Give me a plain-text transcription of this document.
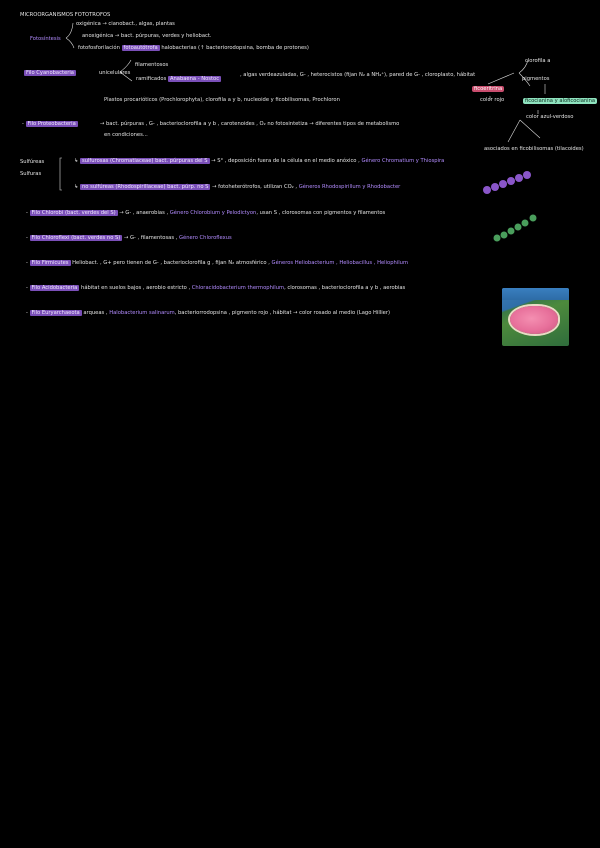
MICROORGANISMOS FOTOTROFOS
Fotosíntesis
oxigénica → cianobact., algas, plantas
anoxigénica → bact. púrpuras, verdes y heliobact.
fotofosforilación fotoautótrofa halobacterias (↑ bacteriorodopsina, bomba de protones)
Filo Cyanobacteria	unicelulares
filamentosos
ramificados Anabaena - Nostoc
, algas verdeazuladas, G- , heterocistos (fijan N₂ a NH₄⁺), pared de G- , cloroplasto, hábitat
Plastos procarióticos (Prochlorophyta), clorofila a y b, nucleoide y ficobilisomas, Prochloron
clorofila a
pigmentos
ficoeritrina
color rojo	ficocianina y aloficocianina
color azul-verdoso
asociados en ficobilisomas (tilacoides)
- Filo Proteobacteria	→ bact. púrpuras , G- , bacterioclorofila a y b , carotenoides , O₂ no fotosintetiza → diferentes tipos de metabolismo
en condiciones...
Sulfúreas
Sulfuras
↳ sulfurosas (Chromatiaceae) bact. púrpuras del S → S° , deposición fuera de la célula en el medio anóxico , Género Chromatium y Thiospira
↳ no sulfúreas (Rhodospirillaceae) bact. púrp. no S → fotoheterótrofos, utilizan CO₂ , Géneros Rhodospirillum y Rhodobacter
- Filo Chlorobi (bact. verdes del S) → G- , anaerobias , Género Chlorobium y Pelodictyon, usan S , clorosomas con pigmentos y filamentos
- Filo Chloroflexi (bact. verdes no S) → G- , filamentosas , Género Chloroflexus
- Filo Firmicutes Heliobact. , G+ pero tienen de G- , bacterioclorofila g , fijan N₂ atmosférico , Géneros Heliobacterium , Heliobacillus , Heliophilum
- Filo Acidobacteria hábitat en suelos bajos , aerobio estricto , Chloracidobacterium thermophilum, clorosomas , bacterioclorofila a y b , aerobias
- Filo Euryarchaeota arqueas , Halobacterium salinarum, bacteriorrodopsina , pigmento rojo , hábitat → color rosado al medio (Lago Hillier)
